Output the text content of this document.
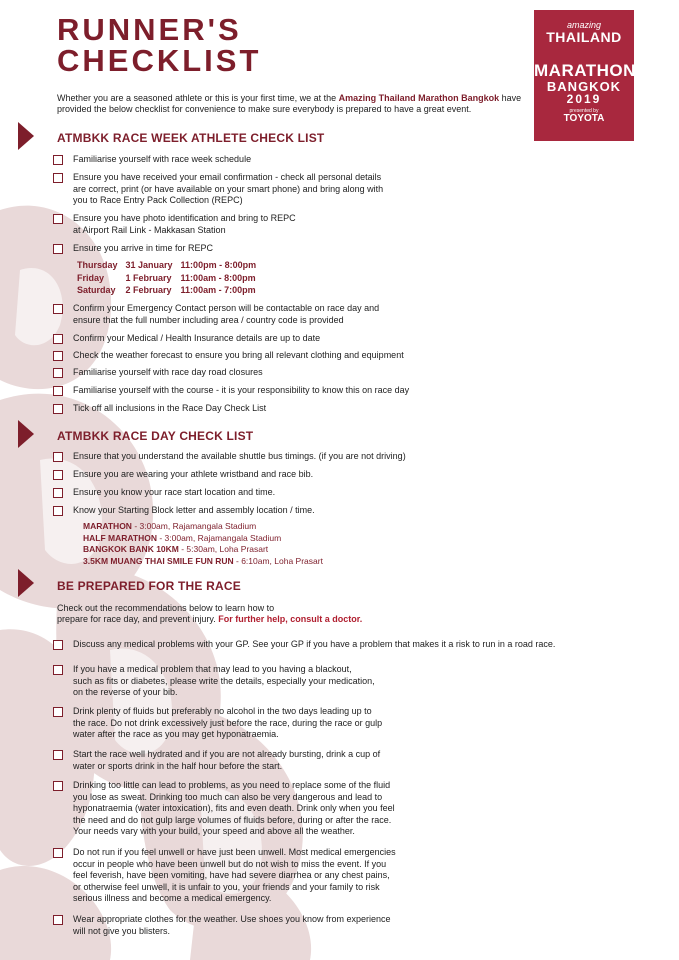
RUNNER'S
CHECKLIST
amazing
THAILAND
MARATHON
BANGKOK
2019
presented by
TOYOTA
Whether you are a seasoned athlete or this is your first time, we at the Amazing Thailand Marathon Bangkok have provided the below checklist for convenience to make sure everybody is prepared to have a great event.
ATMBKK RACE WEEK ATHLETE CHECK LIST
Familiarise yourself with race week schedule
Ensure you have received your email confirmation - check all personal details
are correct, print (or have available on your smart phone) and bring along with
you to Race Entry Pack Collection (REPC)
Ensure you have photo identification and bring to REPC
at Airport Rail Link - Makkasan Station
Ensure you arrive in time for REPC
Thursday	31 January	11:00pm - 8:00pm
Friday	1 February	11:00am - 8:00pm
Saturday	2 February	11:00am - 7:00pm
Confirm your Emergency Contact person will be contactable on race day and
ensure that the full number including area / country code is provided
Confirm your Medical / Health Insurance details are up to date
Check the weather forecast to ensure you bring all relevant clothing and equipment
Familiarise yourself with race day road closures
Familiarise yourself with the course - it is your responsibility to know this on race day
Tick off all inclusions in the Race Day Check List
ATMBKK RACE DAY CHECK LIST
Ensure that you understand the available shuttle bus timings. (if you are not driving)
Ensure you are wearing your athlete wristband and race bib.
Ensure you know your race start location and time.
Know your Starting Block letter and assembly location / time.
MARATHON - 3:00am, Rajamangala Stadium
HALF MARATHON - 3:00am, Rajamangala Stadium
BANGKOK BANK 10KM - 5:30am, Loha Prasart
3.5KM MUANG THAI SMILE FUN RUN - 6:10am, Loha Prasart
BE PREPARED FOR THE RACE
Check out the recommendations below to learn how to
prepare for race day, and prevent injury. For further help, consult a doctor.
Discuss any medical problems with your GP. See your GP if you have a problem that makes it a risk to run in a road race.
If you have a medical problem that may lead to you having a blackout,
such as fits or diabetes, please write the details, especially your medication,
on the reverse of your bib.
Drink plenty of fluids but preferably no alcohol in the two days leading up to
the race. Do not drink excessively just before the race, during the race or gulp
water after the race as you may get hyponatraemia.
Start the race well hydrated and if you are not already bursting, drink a cup of
water or sports drink in the half hour before the start.
Drinking too little can lead to problems, as you need to replace some of the fluid
you lose as sweat. Drinking too much can also be very dangerous and lead to
hyponatraemia (water intoxication), fits and even death. Drink only when you feel
the need and do not gulp large volumes of fluids before, during or after the race.
Your needs vary with your build, your speed and above all the weather.
Do not run if you feel unwell or have just been unwell. Most medical emergencies
occur in people who have been unwell but do not wish to miss the event. If you
feel feverish, have been vomiting, have had severe diarrhea or any chest pains,
or otherwise feel unwell, it is unfair to you, your friends and your family to risk
serious illness and become a medical emergency.
Wear appropriate clothes for the weather. Use shoes you know from experience
will not give you blisters.
